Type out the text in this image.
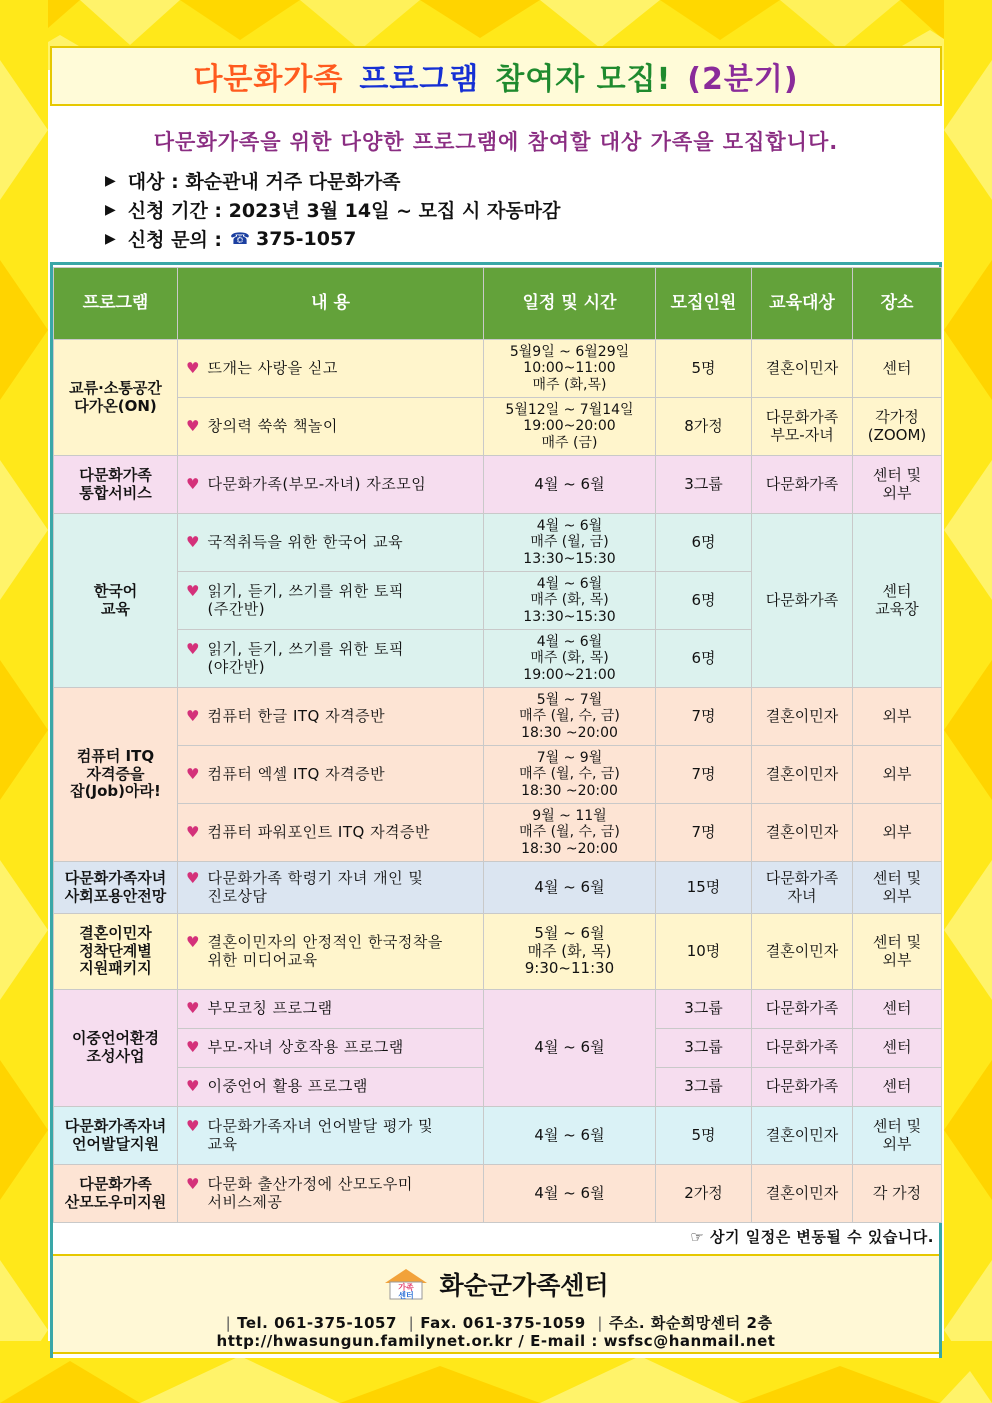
다문화가족 프로그램 참여자 모집! (2분기)
다문화가족을 위한 다양한 프로그램에 참여할 대상 가족을 모집합니다.
▶ 대상 : 화순관내 거주 다문화가족
▶ 신청 기간 : 2023년 3월 14일 ~ 모집 시 자동마감
▶ 신청 문의 : ☎ 375-1057
프로그램	내 용	일정 및 시간	모집인원	교육대상	장소

교류·소통공간
다가온(ON)	♥ 뜨개는 사랑을 싣고	5월9일 ~ 6월29일
10:00~11:00
매주 (화,목)	5명	결혼이민자	센터

	♥ 창의력 쑥쑥 책놀이	5월12일 ~ 7월14일
19:00~20:00
매주 (금)	8가정	다문화가족
부모-자녀	각가정
(ZOOM)

다문화가족
통합서비스	♥ 다문화가족(부모-자녀) 자조모임	4월 ~ 6월	3그룹	다문화가족	센터 및
외부

한국어
교육	♥ 국적취득을 위한 한국어 교육	4월 ~ 6월
매주 (월, 금)
13:30~15:30	6명	다문화가족	센터
교육장

	♥ 읽기, 듣기, 쓰기를 위한 토픽
(주간반)	4월 ~ 6월
매주 (화, 목)
13:30~15:30	6명		

	♥ 읽기, 듣기, 쓰기를 위한 토픽
(야간반)	4월 ~ 6월
매주 (화, 목)
19:00~21:00	6명		

컴퓨터 ITQ
자격증을
잡(Job)아라!	♥ 컴퓨터 한글 ITQ 자격증반	5월 ~ 7월
매주 (월, 수, 금)
18:30 ~20:00	7명	결혼이민자	외부

	♥ 컴퓨터 엑셀 ITQ 자격증반	7월 ~ 9월
매주 (월, 수, 금)
18:30 ~20:00	7명	결혼이민자	외부

	♥ 컴퓨터 파워포인트 ITQ 자격증반	9월 ~ 11월
매주 (월, 수, 금)
18:30 ~20:00	7명	결혼이민자	외부

다문화가족자녀
사회포용안전망	♥ 다문화가족 학령기 자녀 개인 및
진로상담	4월 ~ 6월	15명	다문화가족
자녀	센터 및
외부

결혼이민자
정착단계별
지원패키지	♥ 결혼이민자의 안정적인 한국정착을
위한 미디어교육	5월 ~ 6월
매주 (화, 목)
9:30~11:30	10명	결혼이민자	센터 및
외부

이중언어환경
조성사업	♥ 부모코칭 프로그램	4월 ~ 6월	3그룹	다문화가족	센터

	♥ 부모-자녀 상호작용 프로그램		3그룹	다문화가족	센터

	♥ 이중언어 활용 프로그램		3그룹	다문화가족	센터

다문화가족자녀
언어발달지원	♥ 다문화가족자녀 언어발달 평가 및
교육	4월 ~ 6월	5명	결혼이민자	센터 및
외부

다문화가족
산모도우미지원	♥ 다문화 출산가정에 산모도우미
서비스제공	4월 ~ 6월	2가정	결혼이민자	각 가정
☞ 상기 일정은 변동될 수 있습니다.
가족
센터 화순군가족센터
| Tel. 061-375-1057 | Fax. 061-375-1059 | 주소. 화순희망센터 2층
http://hwasungun.familynet.or.kr / E-mail : wsfsc@hanmail.net
